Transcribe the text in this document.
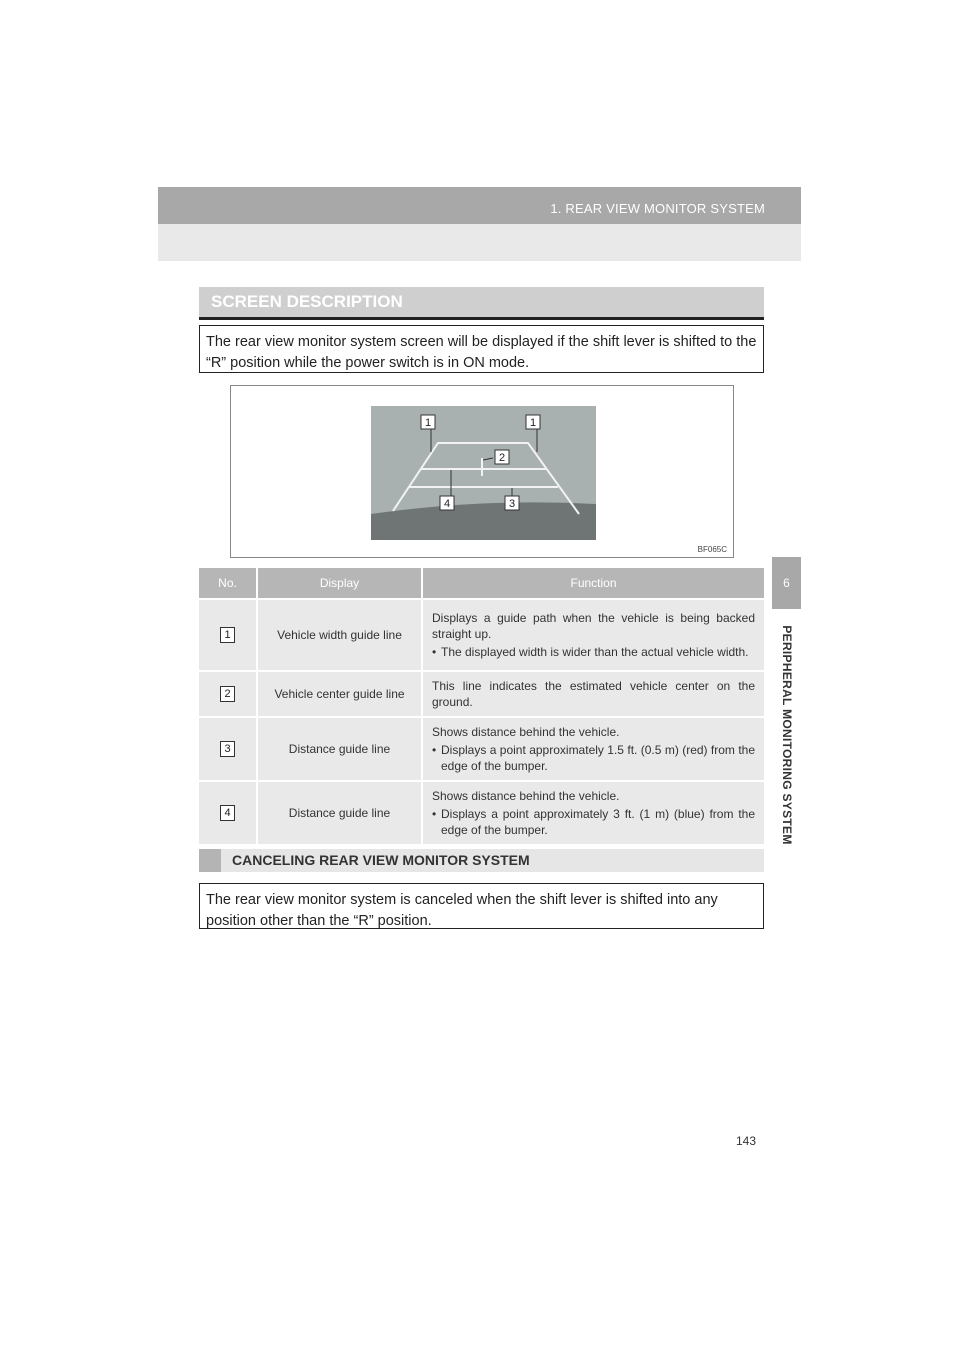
1. REAR VIEW MONITOR SYSTEM
6
PERIPHERAL MONITORING SYSTEM
SCREEN DESCRIPTION
The rear view monitor system screen will be displayed if the shift lever is shifted to the “R” position while the power switch is in ON mode.
1	1
2
4	3
BF065C
No.	Display	Function
1	Vehicle width guide line	Displays a guide path when the vehicle is being backed straight up.
• The displayed width is wider than the actual vehicle width.

2	Vehicle center guide line	This line indicates the estimated vehicle center on the ground.

3	Distance guide line	Shows distance behind the vehicle.
• Displays a point approximately 1.5 ft. (0.5 m) (red) from the edge of the bumper.

4	Distance guide line	Shows distance behind the vehicle.
• Displays a point approximately 3 ft. (1 m) (blue) from the edge of the bumper.
CANCELING REAR VIEW MONITOR SYSTEM
The rear view monitor system is canceled when the shift lever is shifted into any position other than the “R” position.
143
